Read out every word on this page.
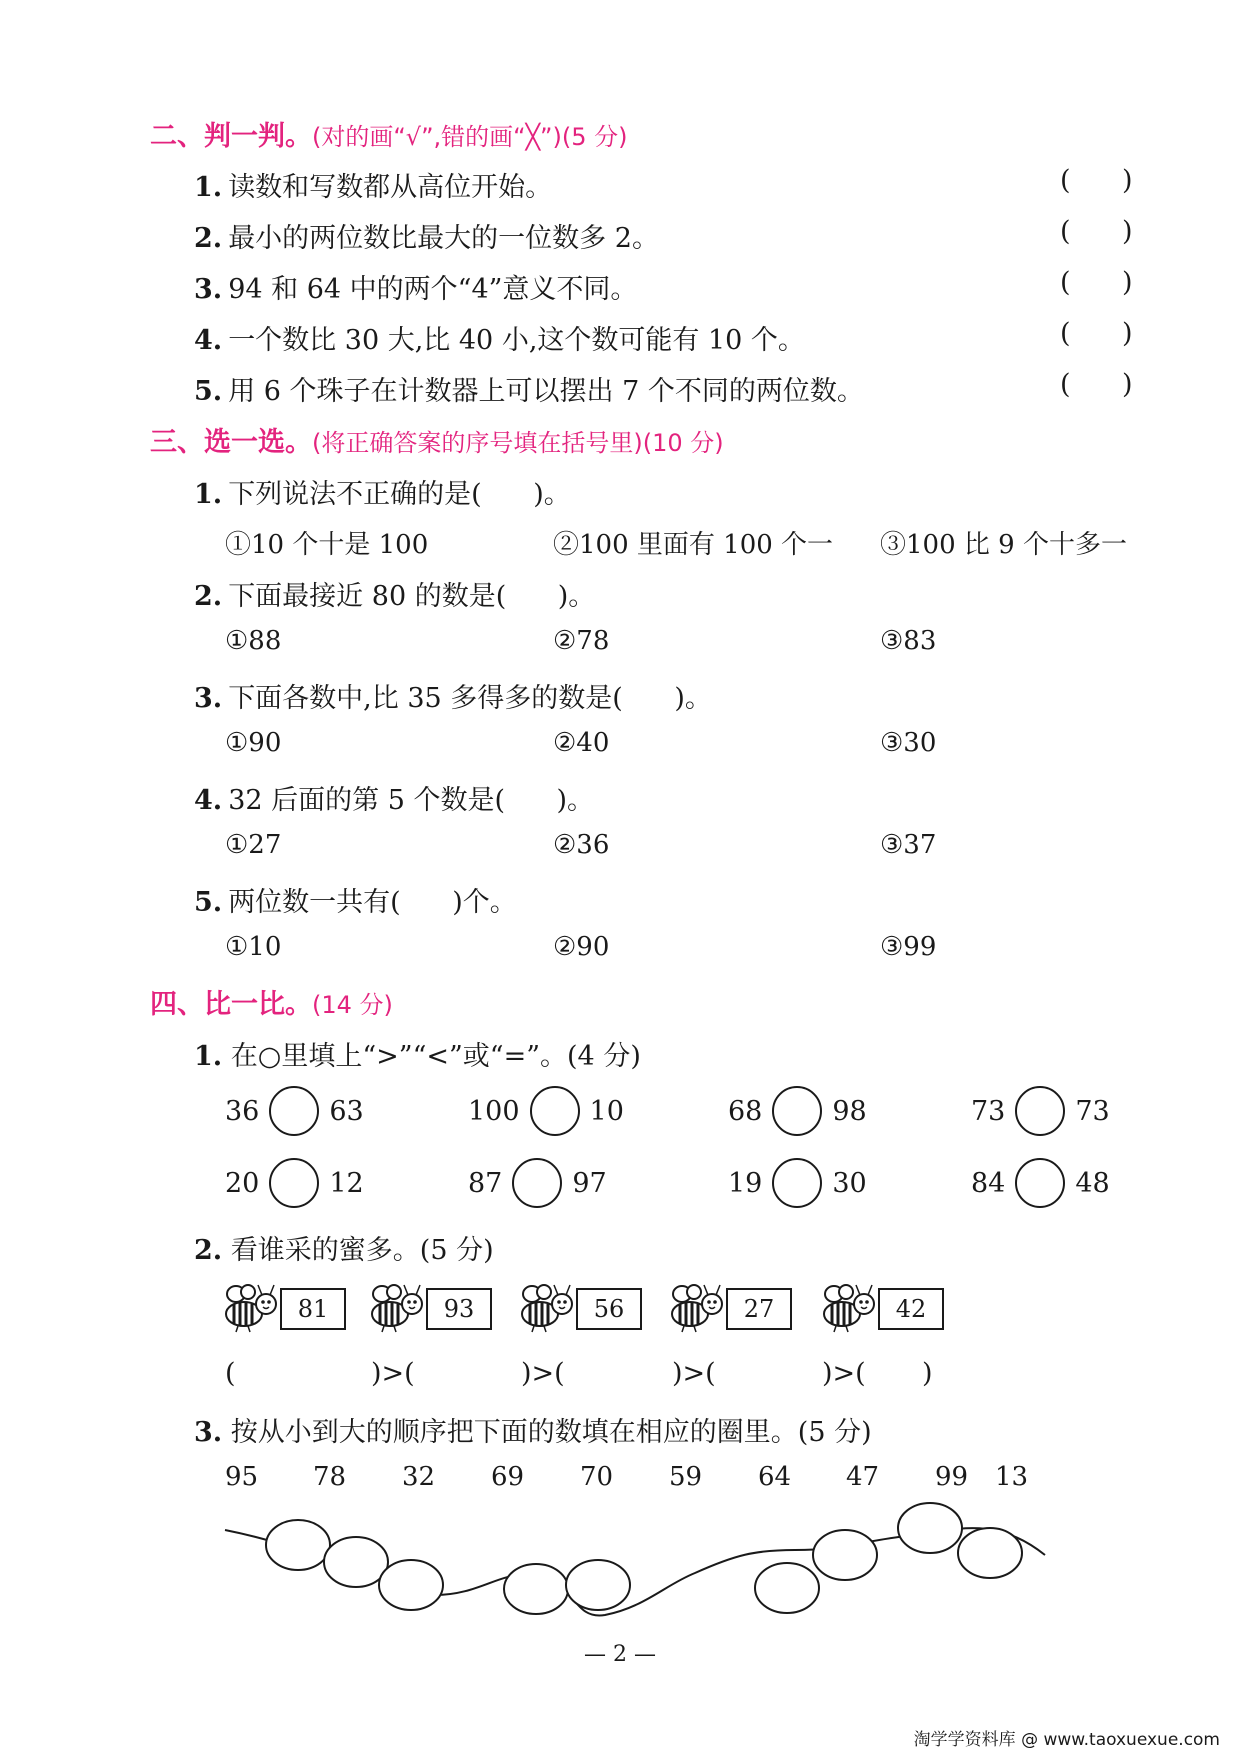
二、判一判。(对的画“√”,错的画“╳”)(5 分)
1. 读数和写数都从高位开始。	(      )
2. 最小的两位数比最大的一位数多 2。	(      )
3. 94 和 64 中的两个“4”意义不同。	(      )
4. 一个数比 30 大,比 40 小,这个数可能有 10 个。	(      )
5. 用 6 个珠子在计数器上可以摆出 7 个不同的两位数。	(      )
三、选一选。(将正确答案的序号填在括号里)(10 分)
1. 下列说法不正确的是(      )。
①10 个十是 100	②100 里面有 100 个一 ③100 比 9 个十多一
2. 下面最接近 80 的数是(      )。
①88	②78	③83
3. 下面各数中,比 35 多得多的数是(      )。
①90	②40	③30
4. 32 后面的第 5 个数是(      )。
①27	②36	③37
5. 两位数一共有(      )个。
①10	②90	③99
四、比一比。(14 分)
1. 在○里填上“>”“<”或“=”。(4 分)
36	63	100	10	68	98	73	73
20	12	87	97	19	30	84	48
2. 看谁采的蜜多。(5 分)
81	93	56	27	42
(	)>(	)>(	)>(	)>( )
3. 按从小到大的顺序把下面的数填在相应的圈里。(5 分)
95 78 32 69 70 59 64 47 99 13
— 2 —
淘学学资料库 @ www.taoxuexue.com
